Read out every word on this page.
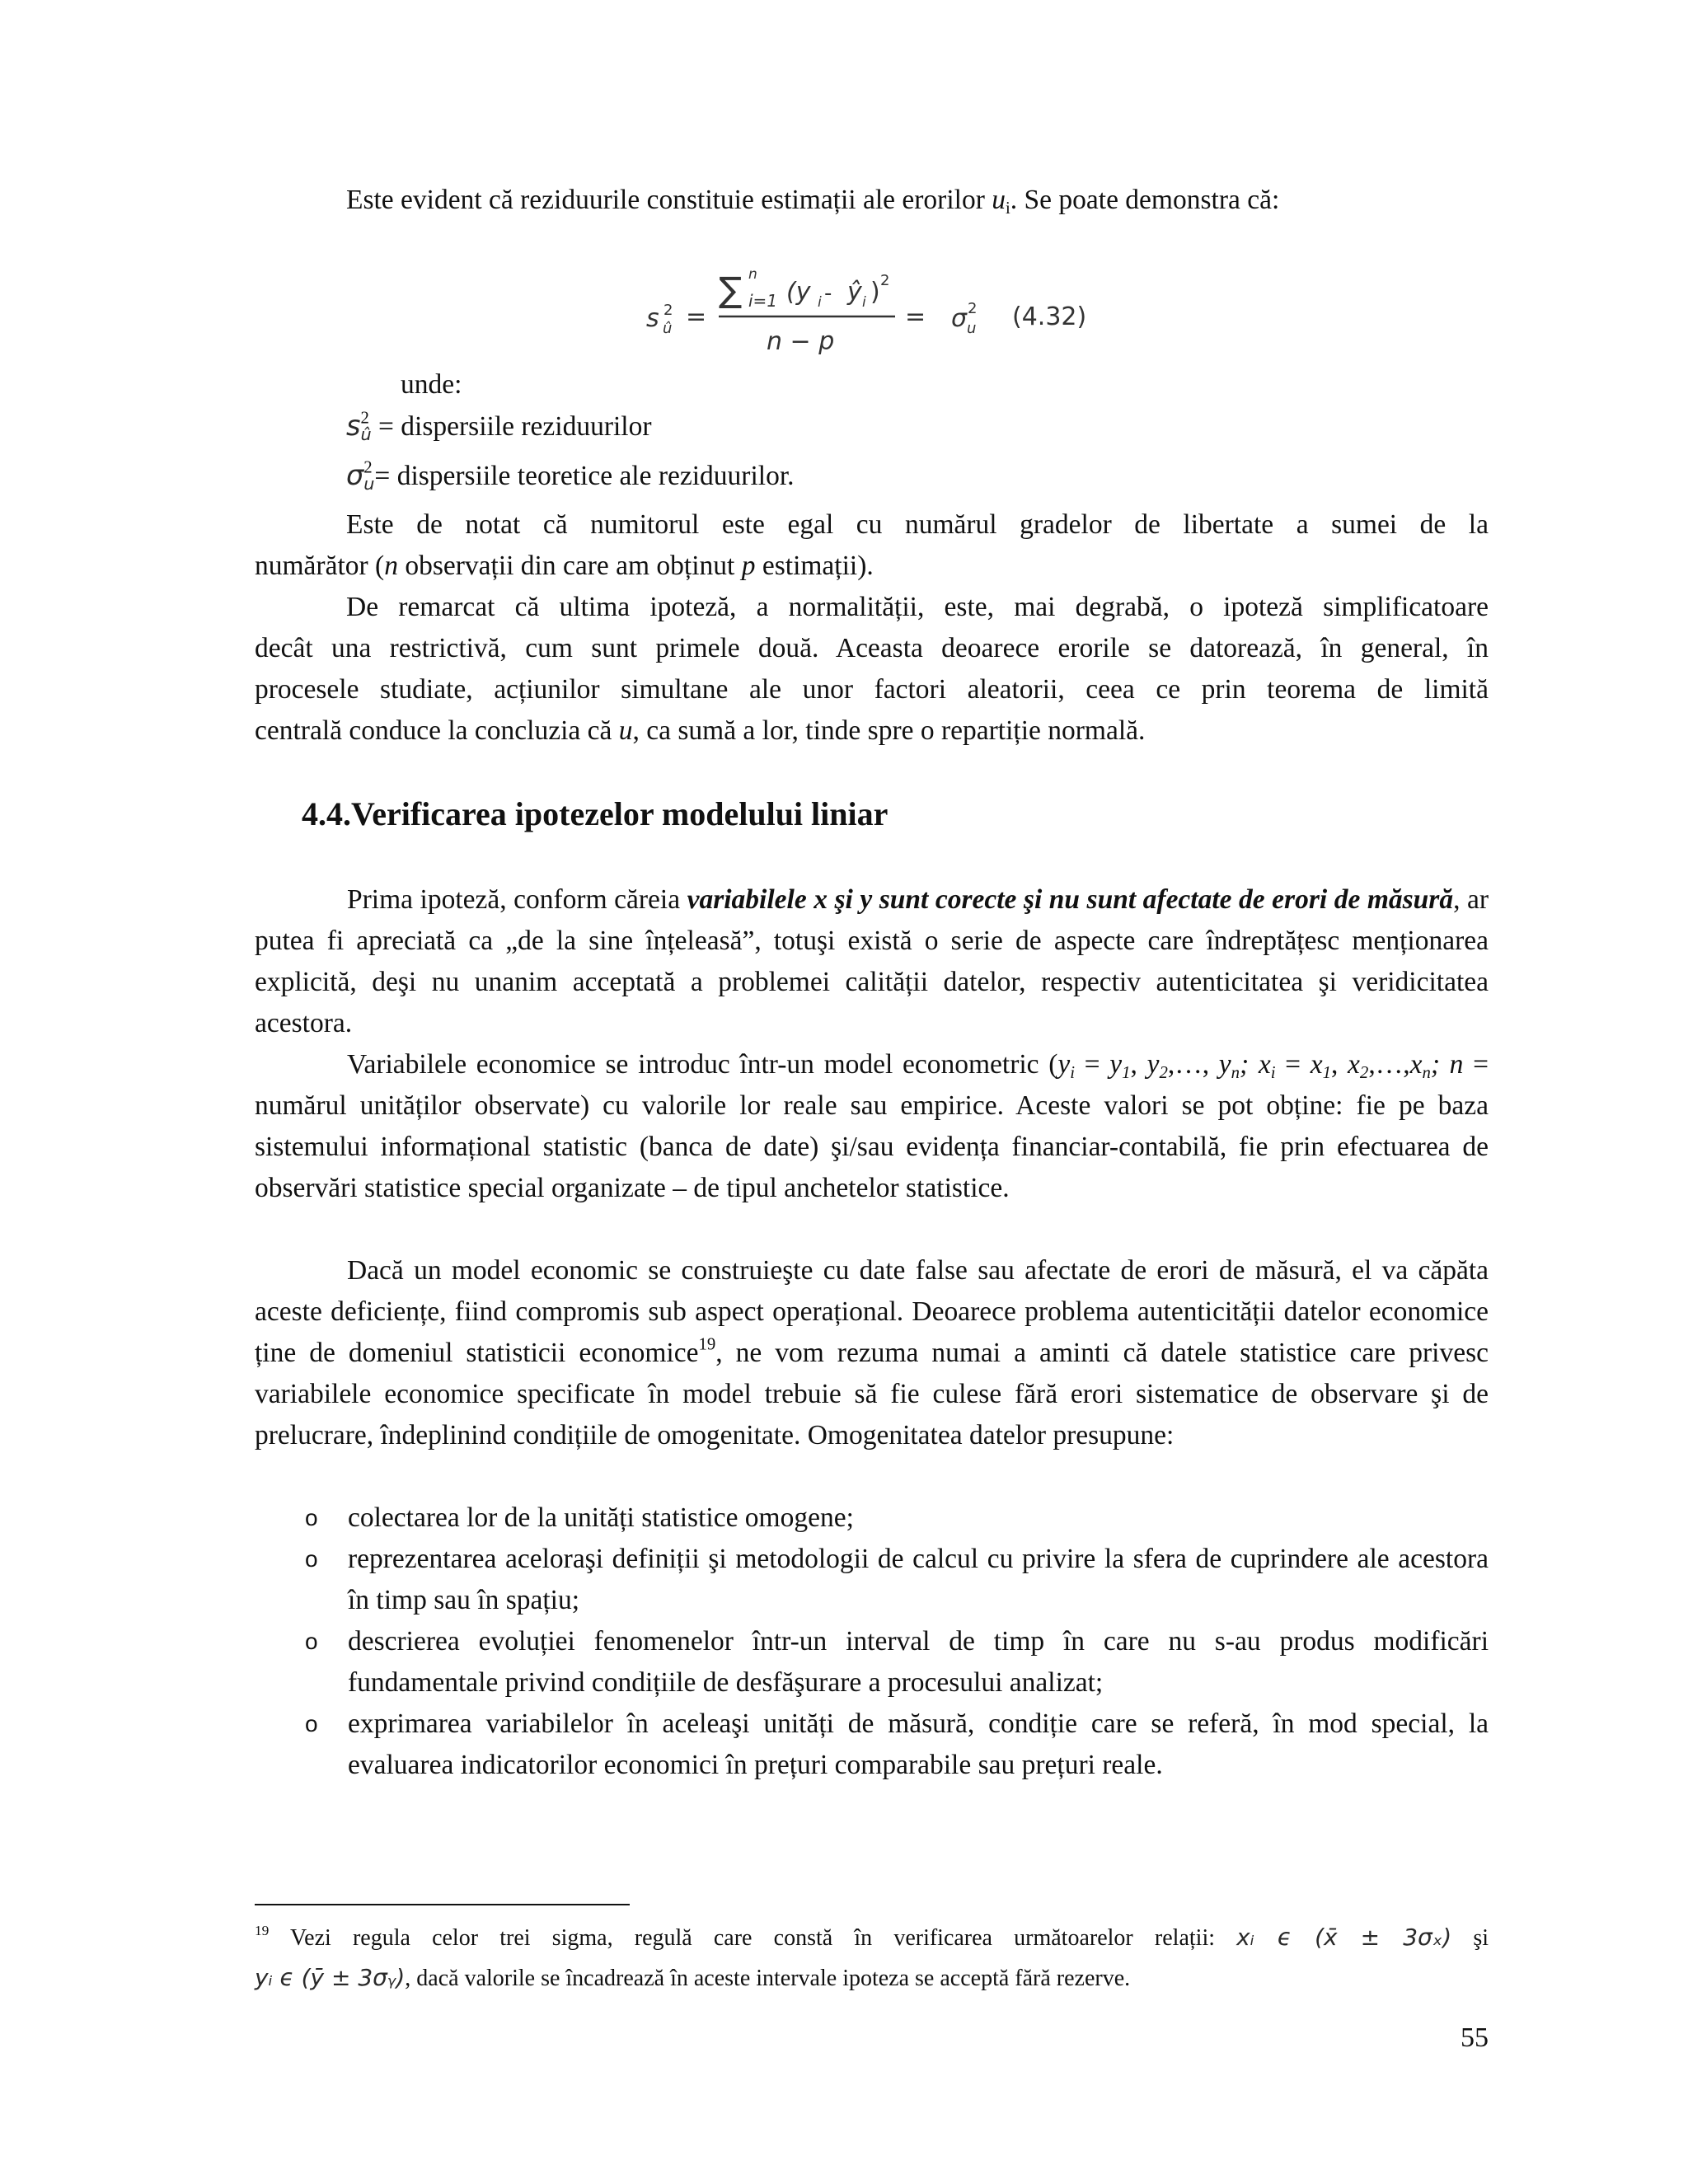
Este evident că reziduurile constituie estimații ale erorilor $u_i$. Se poate demonstra că:

s 2
û =
∑ n
i=1 (y i - ŷ i ) 2
n − p
= σ 2
u (4.32)

unde:

$s^2_û$ = dispersiile reziduurilor

$\sigma^2_u=$ dispersiile teoretice ale reziduurilor.

Este de notat că numitorul este egal cu numărul gradelor de libertate a sumei de la
numărător (n observații din care am obținut p estimații).
De remarcat că ultima ipoteză, a normalității, este, mai degrabă, o ipoteză simplificatoare
decât una restrictivă, cum sunt primele două. Aceasta deoarece erorile se datorează, în general, în
procesele studiate, acțiunilor simultane ale unor factori aleatorii, ceea ce prin teorema de limită
centrală conduce la concluzia că u, ca sumă a lor, tinde spre o repartiție normală.
4.4.Verificarea ipotezelor modelului liniar

Prima ipoteză, conform căreia variabilele x şi y sunt corecte şi nu sunt afectate de erori de măsură, ar putea fi apreciată ca „de la sine înțeleasă”, totuşi există o serie de aspecte care îndreptățesc menționarea explicită, deşi nu unanim acceptată a problemei calității datelor, respectiv autenticitatea şi veridicitatea acestora.

Variabilele economice se introduc într-un model econometric ($y_i = y_1$, $y_2,\dots$, $y_n$; $x_i = x_1$, $x_2,\dots,x_n$; n = numărul unităților observate) cu valorile lor reale sau empirice. Aceste valori se pot obține: fie pe baza sistemului informațional statistic (banca de date) şi/sau evidența financiar-contabilă, fie prin efectuarea de observări statistice special organizate – de tipul anchetelor statistice.

Dacă un model economic se construieşte cu date false sau afectate de erori de măsură, el va căpăta aceste deficiențe, fiind compromis sub aspect operațional. Deoarece problema autenticității datelor economice ține de domeniul statisticii economice$^{19}$, ne vom rezuma numai a aminti că datele statistice care privesc variabilele economice specificate în model trebuie să fie culese fără erori sistematice de observare şi de prelucrare, îndeplinind condițiile de omogenitate. Omogenitatea datelor presupune:

o colectarea lor de la unități statistice omogene;
o reprezentarea aceloraşi definiții şi metodologii de calcul cu privire la sfera de cuprindere ale acestora în timp sau în spațiu;
o descrierea evoluției fenomenelor într-un interval de timp în care nu s-au produs modificări fundamentale privind condițiile de desfăşurare a procesului analizat;
o exprimarea variabilelor în aceleaşi unități de măsură, condiție care se referă, în mod special, la evaluarea indicatorilor economici în prețuri comparabile sau prețuri reale.
$^{19}$ Vezi regula celor trei sigma, regulă care constă în verificarea următoarelor relații: xᵢ ϵ (x̄ ± 3σₓ) şi
yᵢ ϵ (ȳ ± 3σᵧ), dacă valorile se încadrează în aceste intervale ipoteza se acceptă fără rezerve.
55
